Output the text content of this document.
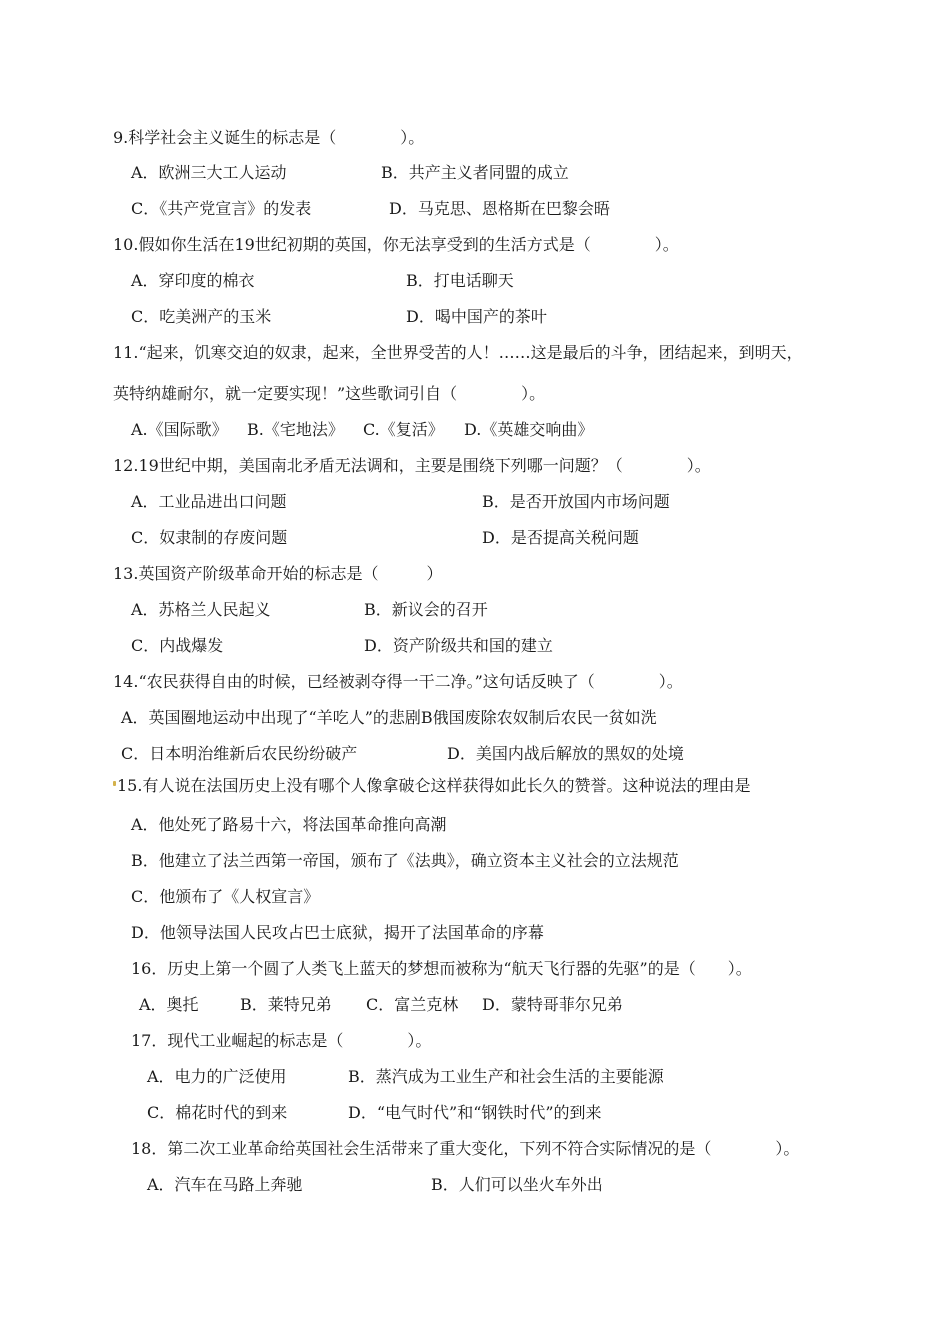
9.科学社会主义诞生的标志是（　　　　）。
A．欧洲三大工人运动	B．共产主义者同盟的成立
C．《共产党宣言》的发表	D．马克思、恩格斯在巴黎会晤
10.假如你生活在19世纪初期的英国，你无法享受到的生活方式是（　　　　）。
A．穿印度的棉衣	B．打电话聊天
C．吃美洲产的玉米	D．喝中国产的茶叶
11.“起来，饥寒交迫的奴隶，起来，全世界受苦的人！……这是最后的斗争，团结起来，到明天，
英特纳雄耐尔，就一定要实现！”这些歌词引自（　　　　）。
A.《国际歌》 B.《宅地法》 C.《复活》 D.《英雄交响曲》
12.19世纪中期，美国南北矛盾无法调和，主要是围绕下列哪一问题？（　　　　）。
A．工业品进出口问题	B．是否开放国内市场问题
C．奴隶制的存废问题	D．是否提高关税问题
13.英国资产阶级革命开始的标志是（　　　）
A．苏格兰人民起义	B．新议会的召开
C．内战爆发	D．资产阶级共和国的建立
14.“农民获得自由的时候，已经被剥夺得一干二净。”这句话反映了（　　　　）。
A．英国圈地运动中出现了“羊吃人”的悲剧B俄国废除农奴制后农民一贫如洗
C．日本明治维新后农民纷纷破产	D．美国内战后解放的黑奴的处境
15.有人说在法国历史上没有哪个人像拿破仑这样获得如此长久的赞誉。这种说法的理由是
A．他处死了路易十六，将法国革命推向高潮
B．他建立了法兰西第一帝国，颁布了《法典》，确立资本主义社会的立法规范
C．他颁布了《人权宣言》
D．他领导法国人民攻占巴士底狱，揭开了法国革命的序幕
16．历史上第一个圆了人类飞上蓝天的梦想而被称为“航天飞行器的先驱”的是（　　）。
A．奥托	B．莱特兄弟 C．富兰克林 D．蒙特哥菲尔兄弟
17．现代工业崛起的标志是（　　　　）。
A．电力的广泛使用	B．蒸汽成为工业生产和社会生活的主要能源
C．棉花时代的到来	D．“电气时代”和“钢铁时代”的到来
18．第二次工业革命给英国社会生活带来了重大变化，下列不符合实际情况的是（　　　　）。
A．汽车在马路上奔驰	B．人们可以坐火车外出
